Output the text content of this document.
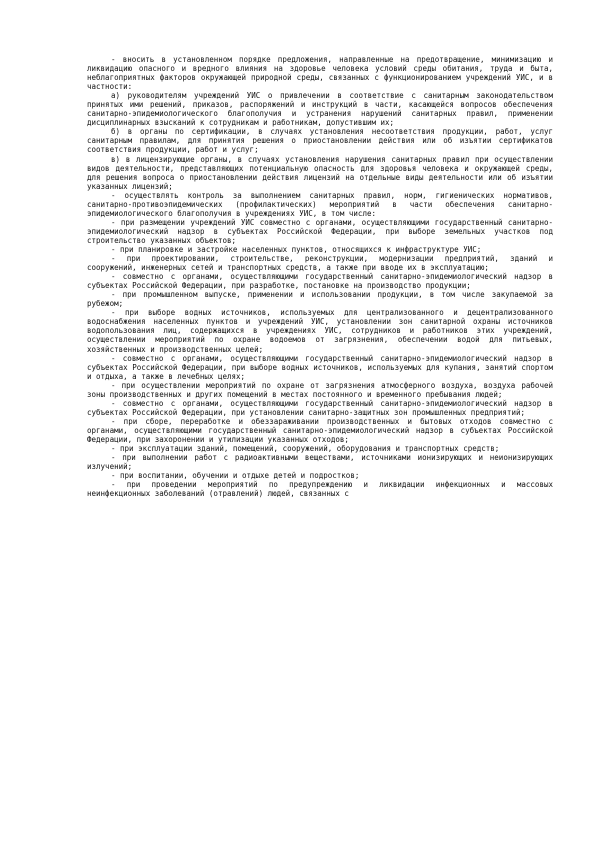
- вносить в установленном порядке предложения, направленные на предотвращение, минимизацию и ликвидацию опасного и вредного влияния на здоровье человека условий среды обитания, труда и быта, неблагоприятных факторов окружающей природной среды, связанных с функционированием учреждений УИС, и в частности:

а) руководителям учреждений УИС о привлечении в соответствие с санитарным законодательством принятых ими решений, приказов, распоряжений и инструкций в части, касающейся вопросов обеспечения санитарно-эпидемиологического благополучия и устранения нарушений санитарных правил, применении дисциплинарных взысканий к сотрудникам и работникам, допустившим их;

б) в органы по сертификации, в случаях установления несоответствия продукции, работ, услуг санитарным правилам, для принятия решения о приостановлении действия или об изъятии сертификатов соответствия продукции, работ и услуг;

в) в лицензирующие органы, в случаях установления нарушения санитарных правил при осуществлении видов деятельности, представляющих потенциальную опасность для здоровья человека и окружающей среды, для решения вопроса о приостановлении действия лицензий на отдельные виды деятельности или об изъятии указанных лицензий;

- осуществлять контроль за выполнением санитарных правил, норм, гигиенических нормативов, санитарно-противоэпидемических (профилактических) мероприятий в части обеспечения санитарно-эпидемиологического благополучия в учреждениях УИС, в том числе:

- при размещении учреждений УИС совместно с органами, осуществляющими государственный санитарно-эпидемиологический надзор в субъектах Российской Федерации, при выборе земельных участков под строительство указанных объектов;

- при планировке и застройке населенных пунктов, относящихся к инфраструктуре УИС;

- при проектировании, строительстве, реконструкции, модернизации предприятий, зданий и сооружений, инженерных сетей и транспортных средств, а также при вводе их в эксплуатацию;

- совместно с органами, осуществляющими государственный санитарно-эпидемиологический надзор в субъектах Российской Федерации, при разработке, постановке на производство продукции;

- при промышленном выпуске, применении и использовании продукции, в том числе закупаемой за рубежом;

- при выборе водных источников, используемых для централизованного и децентрализованного водоснабжения населенных пунктов и учреждений УИС, установлении зон санитарной охраны источников водопользования лиц, содержащихся в учреждениях УИС, сотрудников и работников этих учреждений, осуществлении мероприятий по охране водоемов от загрязнения, обеспечении водой для питьевых, хозяйственных и производственных целей;

- совместно с органами, осуществляющими государственный санитарно-эпидемиологический надзор в субъектах Российской Федерации, при выборе водных источников, используемых для купания, занятий спортом и отдыха, а также в лечебных целях;

- при осуществлении мероприятий по охране от загрязнения атмосферного воздуха, воздуха рабочей зоны производственных и других помещений в местах постоянного и временного пребывания людей;

- совместно с органами, осуществляющими государственный санитарно-эпидемиологический надзор в субъектах Российской Федерации, при установлении санитарно-защитных зон промышленных предприятий;

- при сборе, переработке и обеззараживании производственных и бытовых отходов совместно с органами, осуществляющими государственный санитарно-эпидемиологический надзор в субъектах Российской Федерации, при захоронении и утилизации указанных отходов;

- при эксплуатации зданий, помещений, сооружений, оборудования и транспортных средств;

- при выполнении работ с радиоактивными веществами, источниками ионизирующих и неионизирующих излучений;

- при воспитании, обучении и отдыхе детей и подростков;

- при проведении мероприятий по предупреждению и ликвидации инфекционных и массовых неинфекционных заболеваний (отравлений) людей, связанных с
